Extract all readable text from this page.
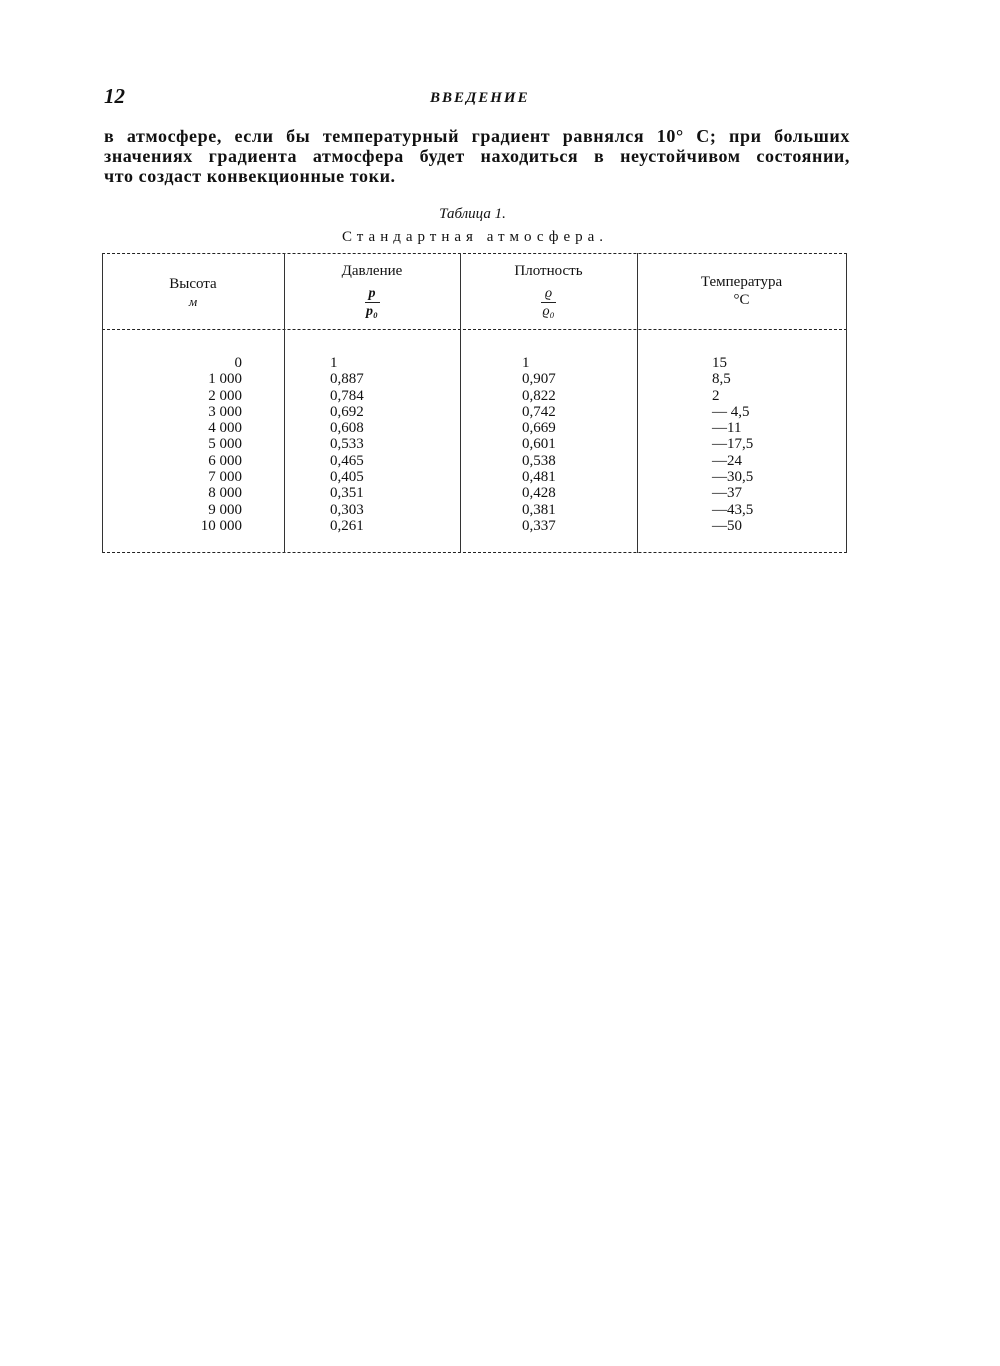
12	ВВЕДЕНИЕ
в атмосфере, если бы температурный градиент равнялся 10° С; при больших
значениях градиента атмосфера будет находиться в неустойчивом состоянии,
что создаст конвекционные токи.
Таблица 1.
Стандартная атмосфера.
Высота
м
Давление

$\frac{p}{\text{p₀}}$
Плотность

$\frac{ϱ}{\text{ϱ₀}}$
Температура
°C
0
1 000
2 000
3 000
4 000
5 000
6 000
7 000
8 000
9 000
10 000
1
0,887
0,784
0,692
0,608
0,533
0,465
0,405
0,351
0,303
0,261
1
0,907
0,822
0,742
0,669
0,601
0,538
0,481
0,428
0,381
0,337
15
8,5
2
— 4,5
—11
—17,5
—24
—30,5
—37
—43,5
—50
